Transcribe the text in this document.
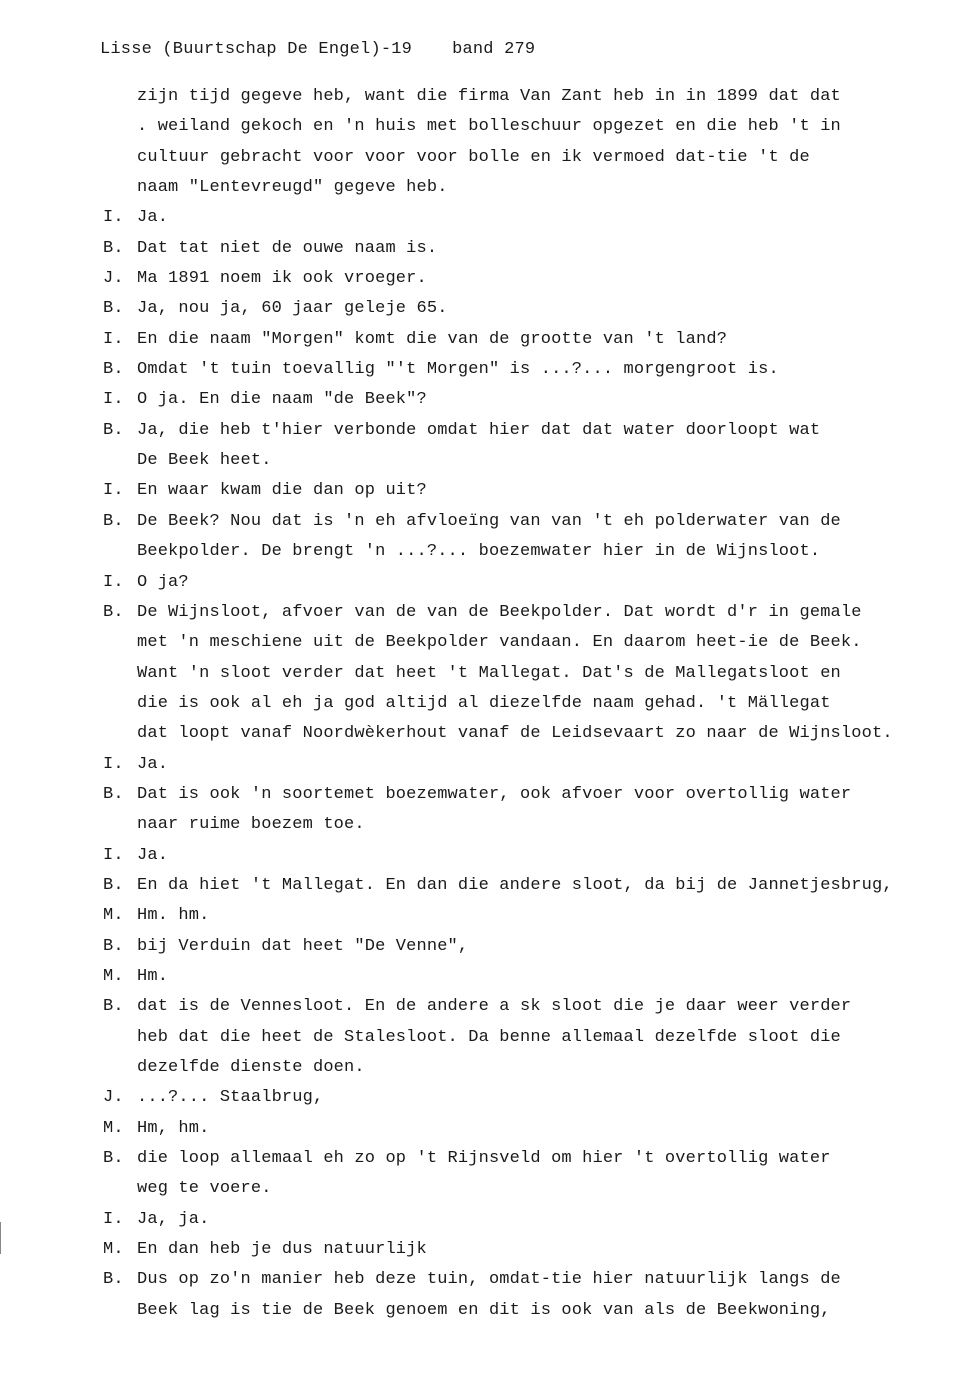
Lisse (Buurtschap De Engel)-19 band 279
zijn tijd gegeve heb, want die firma Van Zant heb in in 1899 dat dat
. weiland gekoch en 'n huis met bolleschuur opgezet en die heb 't in
cultuur gebracht voor voor voor bolle en ik vermoed dat-tie 't de
naam "Lentevreugd" gegeve heb.
I. Ja.
B. Dat tat niet de ouwe naam is.
J. Ma 1891 noem ik ook vroeger.
B. Ja, nou ja, 60 jaar geleje 65.
I. En die naam "Morgen" komt die van de grootte van 't land?
B. Omdat 't tuin toevallig "'t Morgen" is ...?... morgengroot is.
I. O ja. En die naam "de Beek"?
B. Ja, die heb t'hier verbonde omdat hier dat dat water doorloopt wat
De Beek heet.
I. En waar kwam die dan op uit?
B. De Beek? Nou dat is 'n eh afvloeïng van van 't eh polderwater van de
Beekpolder. De brengt 'n ...?... boezemwater hier in de Wijnsloot.
I. O ja?
B. De Wijnsloot, afvoer van de van de Beekpolder. Dat wordt d'r in gemale
met 'n meschiene uit de Beekpolder vandaan. En daarom heet-ie de Beek.
Want 'n sloot verder dat heet 't Mallegat. Dat's de Mallegatsloot en
die is ook al eh ja god altijd al diezelfde naam gehad. 't Mällegat
dat loopt vanaf Noordwèkerhout vanaf de Leidsevaart zo naar de Wijnsloot.
I. Ja.
B. Dat is ook 'n soortemet boezemwater, ook afvoer voor overtollig water
naar ruime boezem toe.
I. Ja.
B. En da hiet 't Mallegat. En dan die andere sloot, da bij de Jannetjesbrug,
M. Hm. hm.
B. bij Verduin dat heet "De Venne",
M. Hm.
B. dat is de Vennesloot. En de andere a sk sloot die je daar weer verder
heb dat die heet de Stalesloot. Da benne allemaal dezelfde sloot die
dezelfde dienste doen.
J. ...?... Staalbrug,
M. Hm, hm.
B. die loop allemaal eh zo op 't Rijnsveld om hier 't overtollig water
weg te voere.
I. Ja, ja.
M. En dan heb je dus natuurlijk
B. Dus op zo'n manier heb deze tuin, omdat-tie hier natuurlijk langs de
Beek lag is tie de Beek genoem en dit is ook van als de Beekwoning,
